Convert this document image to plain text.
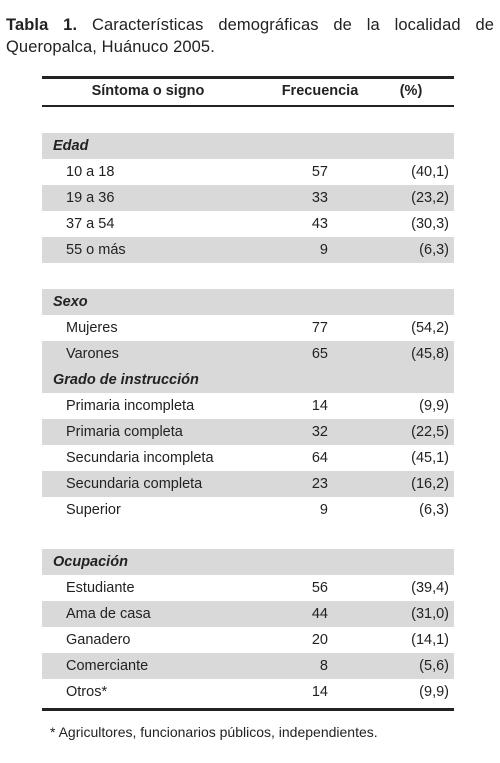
Tabla 1. Características demográficas de la localidad de Queropalca, Huánuco 2005.
Síntoma o signo	Frecuencia	(%)
Edad
10 a 18	57	(40,1)
19 a 36	33	(23,2)
37 a 54	43	(30,3)
55 o más	9	(6,3)
Sexo
Mujeres	77	(54,2)
Varones	65	(45,8)
Grado de instrucción
Primaria incompleta	14	(9,9)
Primaria completa	32	(22,5)
Secundaria incompleta	64	(45,1)
Secundaria completa	23	(16,2)
Superior	9	(6,3)
Ocupación
Estudiante	56	(39,4)
Ama de casa	44	(31,0)
Ganadero	20	(14,1)
Comerciante	8	(5,6)
Otros*	14	(9,9)
* Agricultores, funcionarios públicos, independientes.
